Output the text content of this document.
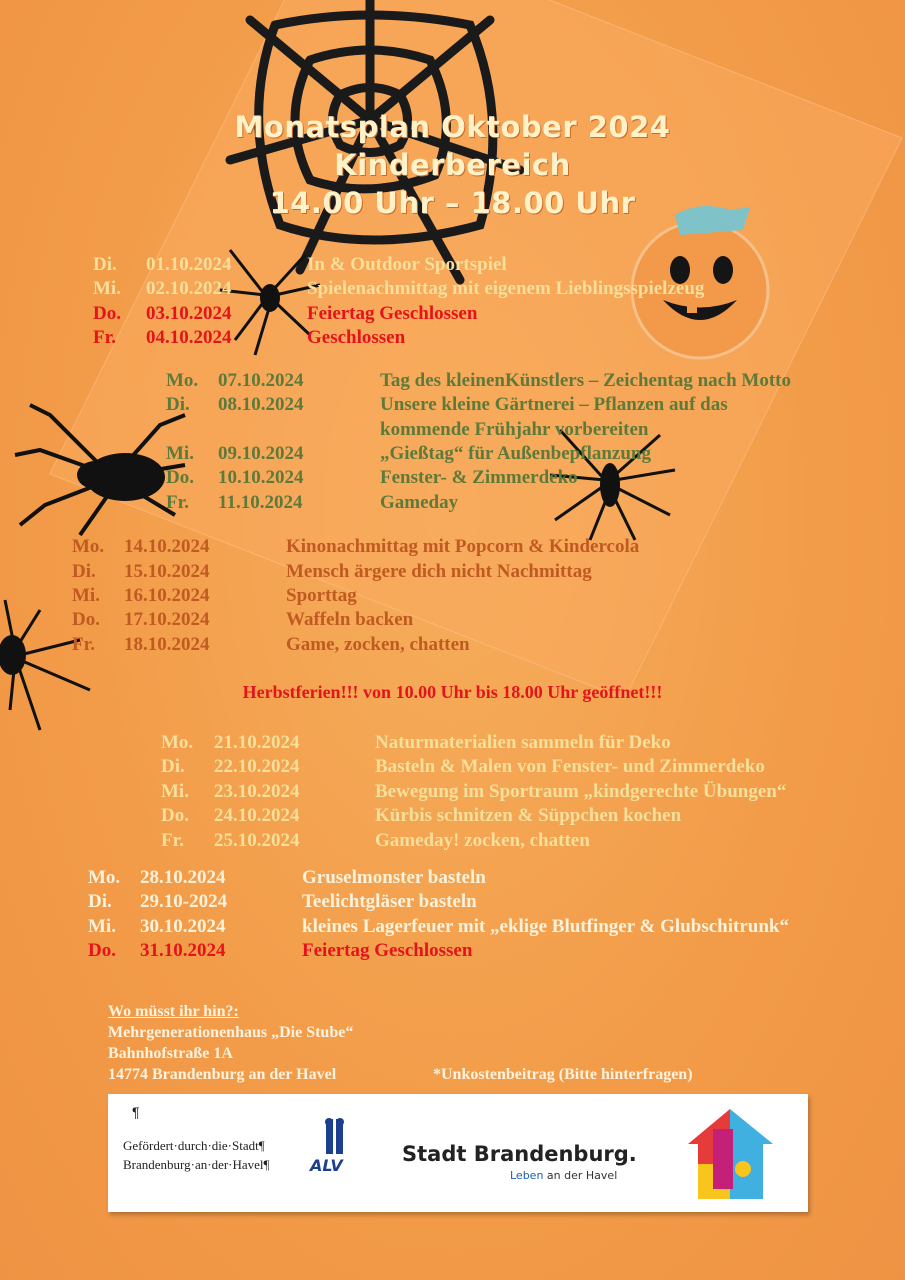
Monatsplan Oktober 2024
Kinderbereich
14.00 Uhr – 18.00 Uhr
Di. 01.10.2024	In & Outdoor Sportspiel
Mi. 02.10.2024	Spielenachmittag mit eigenem Lieblingsspielzeug
Do. 03.10.2024	Feiertag Geschlossen
Fr. 04.10.2024	Geschlossen
Mo. 07.10.2024	Tag des kleinenKünstlers – Zeichentag nach Motto
Di. 08.10.2024	Unsere kleine Gärtnerei – Pflanzen auf das
kommende Frühjahr vorbereiten
Mi. 09.10.2024	„Gießtag“ für Außenbepflanzung
Do. 10.10.2024	Fenster- & Zimmerdeko
Fr. 11.10.2024	Gameday
Mo. 14.10.2024	Kinonachmittag mit Popcorn & Kindercola
Di. 15.10.2024	Mensch ärgere dich nicht Nachmittag
Mi. 16.10.2024	Sporttag
Do. 17.10.2024	Waffeln backen
Fr. 18.10.2024	Game, zocken, chatten
Herbstferien!!! von 10.00 Uhr bis 18.00 Uhr geöffnet!!!
Mo. 21.10.2024	Naturmaterialien sammeln für Deko
Di. 22.10.2024	Basteln & Malen von Fenster- und Zimmerdeko
Mi. 23.10.2024	Bewegung im Sportraum „kindgerechte Übungen“
Do. 24.10.2024	Kürbis schnitzen & Süppchen kochen
Fr. 25.10.2024	Gameday! zocken, chatten
Mo. 28.10.2024	Gruselmonster basteln
Di. 29.10-2024	Teelichtgläser basteln
Mi. 30.10.2024	kleines Lagerfeuer mit „eklige Blutfinger & Glubschitrunk“
Do. 31.10.2024	Feiertag Geschlossen
Wo müsst ihr hin?:
Mehrgenerationenhaus „Die Stube“
Bahnhofstraße 1A
14774 Brandenburg an der Havel	*Unkostenbeitrag (Bitte hinterfragen)
¶
Gefördert·durch·die·Stadt¶
Brandenburg·an·der·Havel¶	ALV	Stadt Brandenburg.
Leben an der Havel
